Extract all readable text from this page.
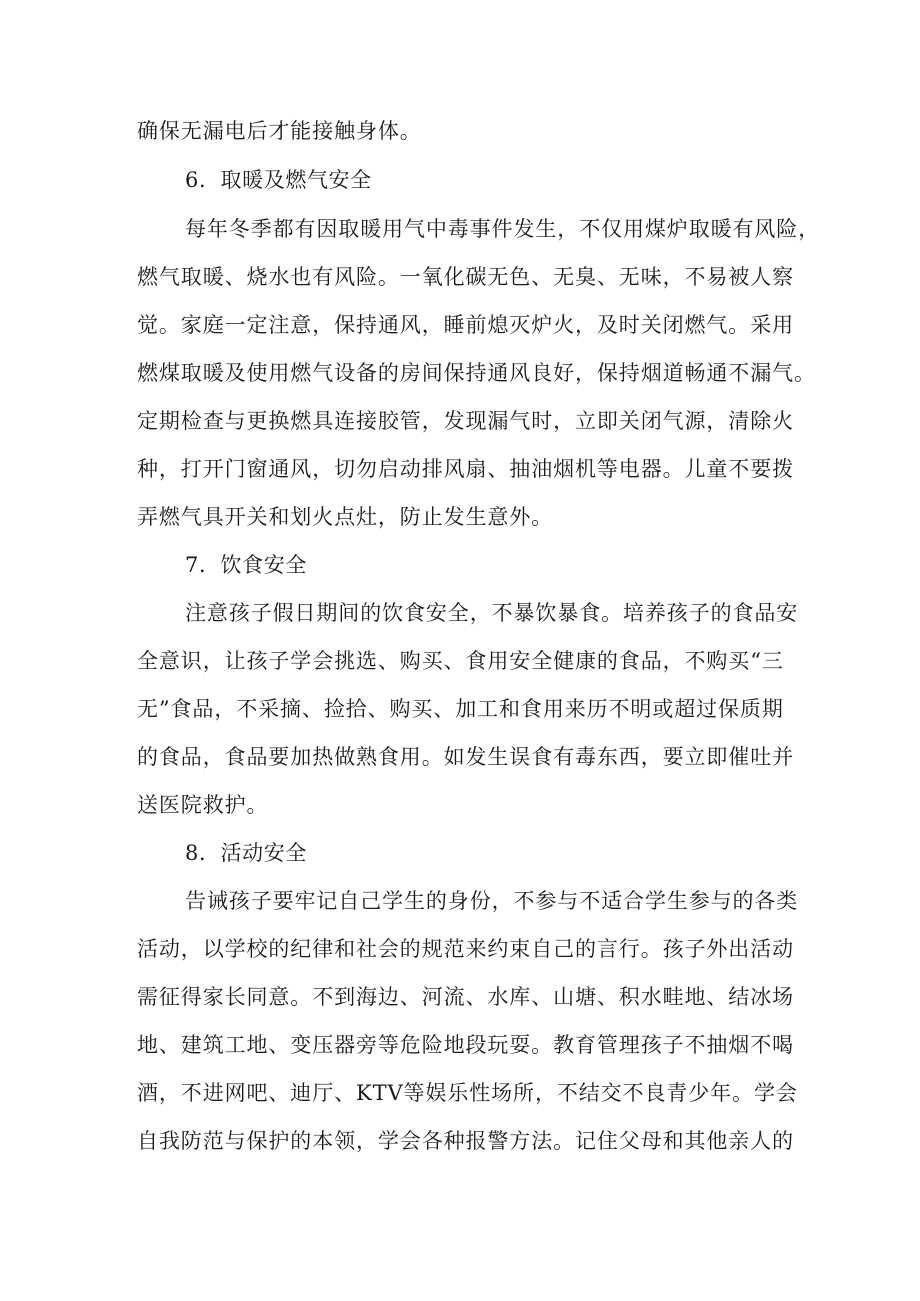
确保无漏电后才能接触身体。
6．取暖及燃气安全
每年冬季都有因取暖用气中毒事件发生，不仅用煤炉取暖有风险，
燃气取暖、烧水也有风险。一氧化碳无色、无臭、无味，不易被人察
觉。家庭一定注意，保持通风，睡前熄灭炉火，及时关闭燃气。采用
燃煤取暖及使用燃气设备的房间保持通风良好，保持烟道畅通不漏气。
定期检查与更换燃具连接胶管，发现漏气时，立即关闭气源，清除火
种，打开门窗通风，切勿启动排风扇、抽油烟机等电器。儿童不要拨
弄燃气具开关和划火点灶，防止发生意外。
7．饮食安全
注意孩子假日期间的饮食安全，不暴饮暴食。培养孩子的食品安
全意识，让孩子学会挑选、购买、食用安全健康的食品，不购买“三
无”食品，不采摘、捡拾、购买、加工和食用来历不明或超过保质期
的食品，食品要加热做熟食用。如发生误食有毒东西，要立即催吐并
送医院救护。
8．活动安全
告诫孩子要牢记自己学生的身份，不参与不适合学生参与的各类
活动，以学校的纪律和社会的规范来约束自己的言行。孩子外出活动
需征得家长同意。不到海边、河流、水库、山塘、积水畦地、结冰场
地、建筑工地、变压器旁等危险地段玩耍。教育管理孩子不抽烟不喝
酒，不进网吧、迪厅、KTV等娱乐性场所，不结交不良青少年。学会
自我防范与保护的本领，学会各种报警方法。记住父母和其他亲人的
